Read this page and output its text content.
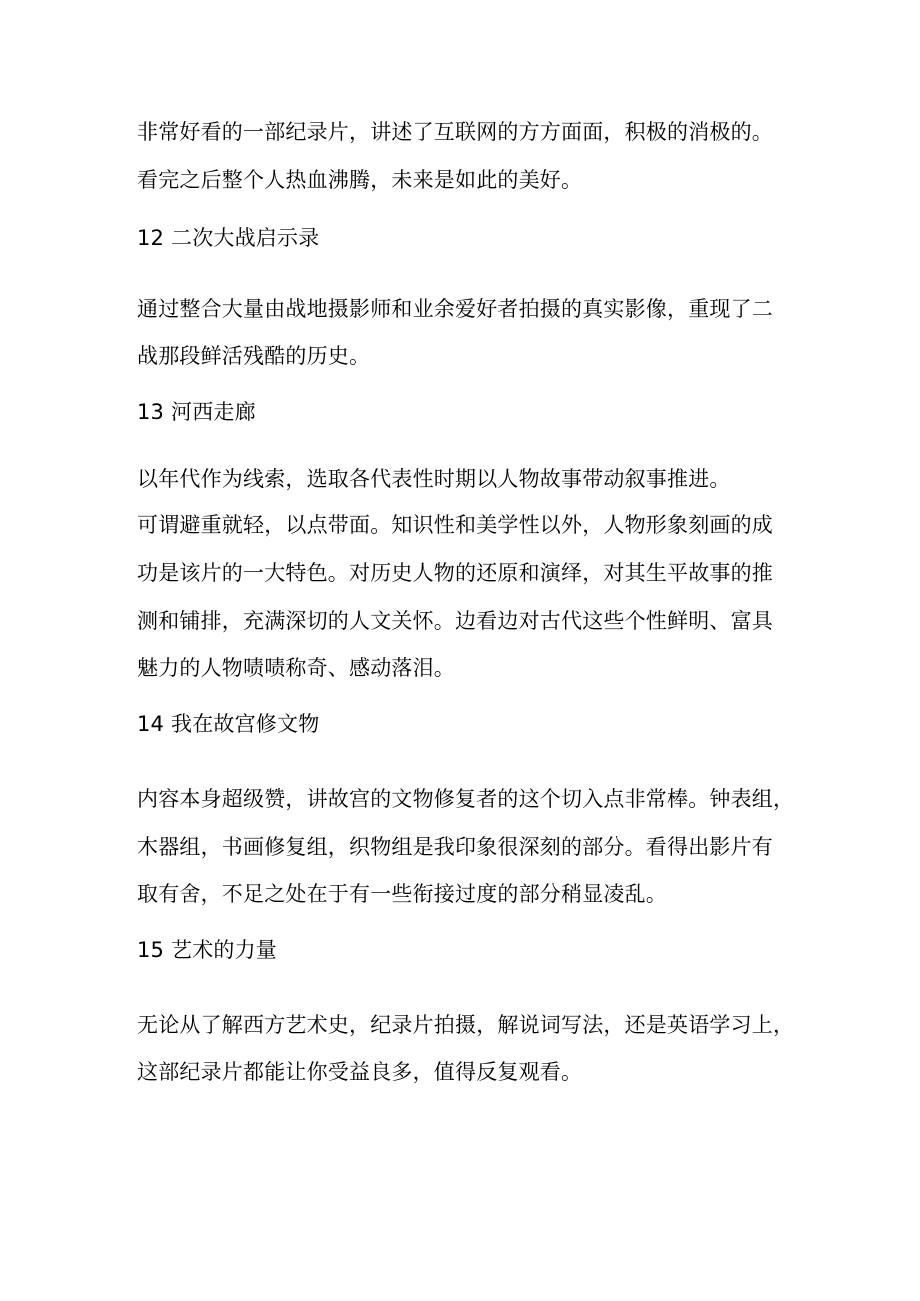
非常好看的一部纪录片，讲述了互联网的方方面面，积极的消极的。
看完之后整个人热血沸腾，未来是如此的美好。
12 二次大战启示录
通过整合大量由战地摄影师和业余爱好者拍摄的真实影像，重现了二
战那段鲜活残酷的历史。
13 河西走廊
以年代作为线索，选取各代表性时期以人物故事带动叙事推进。
可谓避重就轻，以点带面。知识性和美学性以外，人物形象刻画的成
功是该片的一大特色。对历史人物的还原和演绎，对其生平故事的推
测和铺排，充满深切的人文关怀。边看边对古代这些个性鲜明、富具
魅力的人物啧啧称奇、感动落泪。
14 我在故宫修文物
内容本身超级赞，讲故宫的文物修复者的这个切入点非常棒。钟表组，
木器组，书画修复组，织物组是我印象很深刻的部分。看得出影片有
取有舍，不足之处在于有一些衔接过度的部分稍显凌乱。
15 艺术的力量
无论从了解西方艺术史，纪录片拍摄，解说词写法，还是英语学习上，
这部纪录片都能让你受益良多，值得反复观看。
